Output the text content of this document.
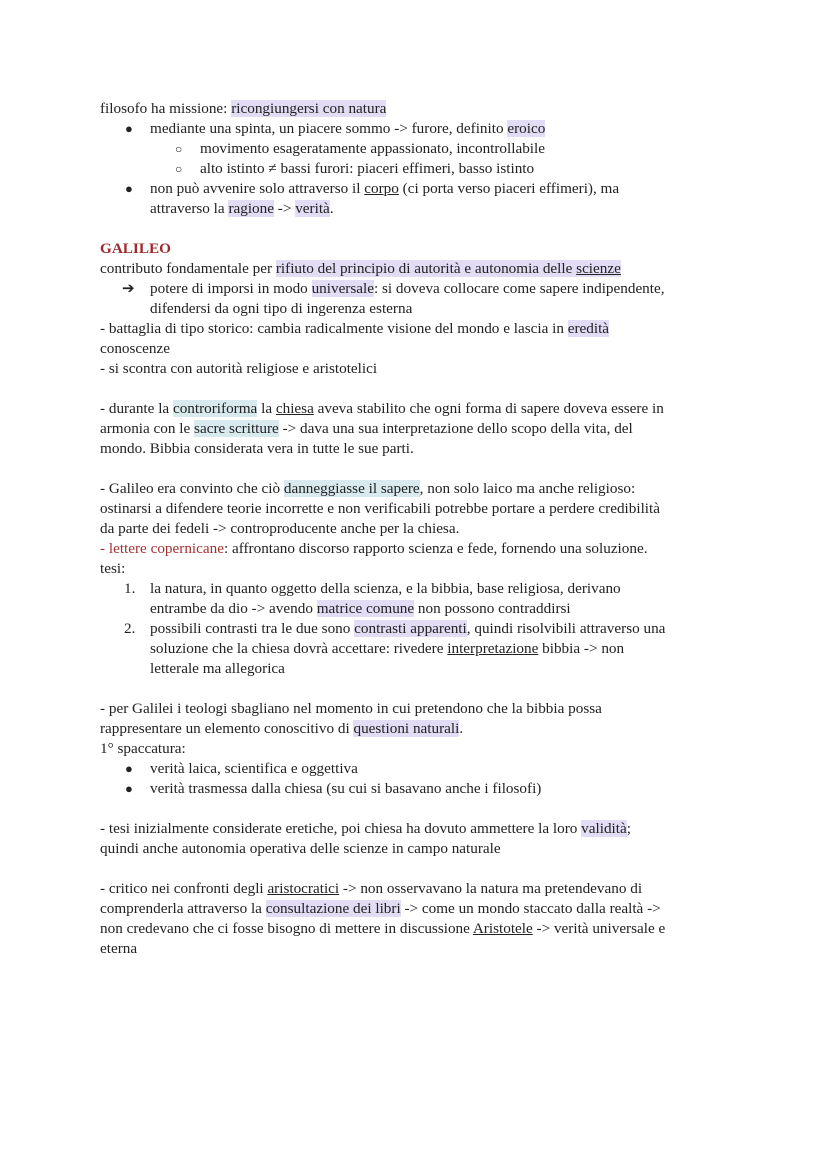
filosofo ha missione: ricongiungersi con natura

● mediante una spinta, un piacere sommo -> furore, definito eroico
○ movimento esageratamente appassionato, incontrollabile
○ alto istinto ≠ bassi furori: piaceri effimeri, basso istinto
● non può avvenire solo attraverso il corpo (ci porta verso piaceri effimeri), ma
attraverso la ragione -> verità.

GALILEO

contributo fondamentale per rifiuto del principio di autorità e autonomia delle scienze

➔ potere di imporsi in modo universale: si doveva collocare come sapere indipendente,
difendersi da ogni tipo di ingerenza esterna

- battaglia di tipo storico: cambia radicalmente visione del mondo e lascia in eredità
conoscenze

- si scontra con autorità religiose e aristotelici

- durante la controriforma la chiesa aveva stabilito che ogni forma di sapere doveva essere in
armonia con le sacre scritture -> dava una sua interpretazione dello scopo della vita, del
mondo. Bibbia considerata vera in tutte le sue parti.

- Galileo era convinto che ciò danneggiasse il sapere, non solo laico ma anche religioso:
ostinarsi a difendere teorie incorrette e non verificabili potrebbe portare a perdere credibilità
da parte dei fedeli -> controproducente anche per la chiesa.

- lettere copernicane: affrontano discorso rapporto scienza e fede, fornendo una soluzione.

tesi:

1. la natura, in quanto oggetto della scienza, e la bibbia, base religiosa, derivano
entrambe da dio -> avendo matrice comune non possono contraddirsi
2. possibili contrasti tra le due sono contrasti apparenti, quindi risolvibili attraverso una
soluzione che la chiesa dovrà accettare: rivedere interpretazione bibbia -> non
letterale ma allegorica

- per Galilei i teologi sbagliano nel momento in cui pretendono che la bibbia possa
rappresentare un elemento conoscitivo di questioni naturali.

1° spaccatura:

● verità laica, scientifica e oggettiva
● verità trasmessa dalla chiesa (su cui si basavano anche i filosofi)

- tesi inizialmente considerate eretiche, poi chiesa ha dovuto ammettere la loro validità;
quindi anche autonomia operativa delle scienze in campo naturale

- critico nei confronti degli aristocratici -> non osservavano la natura ma pretendevano di
comprenderla attraverso la consultazione dei libri -> come un mondo staccato dalla realtà ->
non credevano che ci fosse bisogno di mettere in discussione Aristotele -> verità universale e
eterna
